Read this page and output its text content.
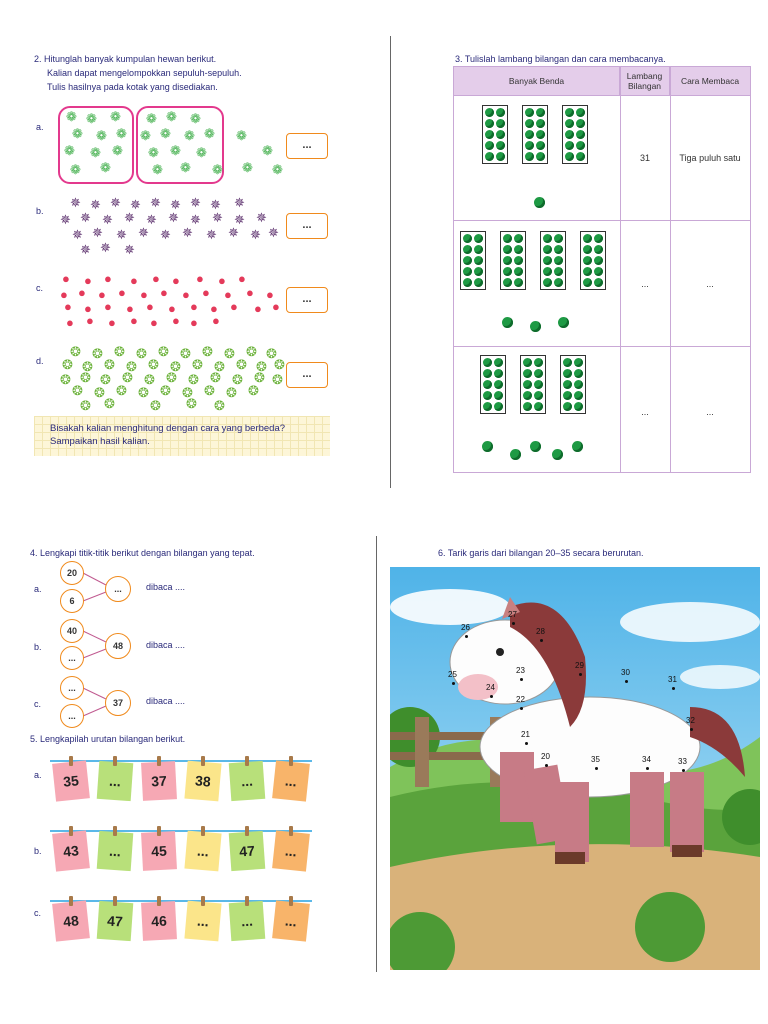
2. Hitunglah banyak kumpulan hewan berikut.
Kalian dapat mengelompokkan sepuluh-sepuluh.
Tulis hasilnya pada kotak yang disediakan.
a.
❁ ❁ ❁ ❁ ❁ ❁
❁ ❁ ❁ ❁ ❁ ❁ ❁ ❁
❁ ❁ ❁ ❁ ❁ ❁	❁
❁ ❁	❁ ❁ ❁ ❁ ❁
...
b.
✵ ✵ ✵ ✵ ✵ ✵ ✵ ✵ ✵
✵ ✵ ✵ ✵ ✵ ✵ ✵ ✵ ✵ ✵
✵ ✵ ✵ ✵ ✵ ✵ ✵ ✵ ✵ ✵
✵ ✵ ✵
...
c.
● ● ● ● ● ● ● ● ●
● ● ● ● ● ● ● ● ● ● ●
● ● ● ● ● ● ● ● ● ● ●
● ● ● ● ● ● ● ●
...
d.
❂ ❂ ❂ ❂ ❂ ❂ ❂ ❂ ❂ ❂
❂ ❂ ❂ ❂ ❂ ❂ ❂ ❂ ❂ ❂ ❂
❂ ❂ ❂ ❂ ❂ ❂ ❂ ❂ ❂ ❂ ❂
❂ ❂ ❂ ❂ ❂ ❂ ❂ ❂ ❂
❂ ❂	❂ ❂ ❂
...
Bisakah kalian menghitung dengan cara yang berbeda?
Sampaikan hasil kalian.
3. Tulislah lambang bilangan dan cara membacanya.
Banyak Benda	Lambang Bilangan	Cara Membaca
31	Tiga puluh satu
...	...
...	...
4. Lengkapi titik-titik berikut dengan bilangan yang tepat.
a.
20
6
...	dibaca ....
b.
40
...
48	dibaca ....
c.
...
...
37	dibaca ....
5. Lengkapilah urutan bilangan berikut.
a.
b.
c.
35	...	37	38	...	...
43	...	45	...	47	...
48	47	46	...	...	...
6. Tarik garis dari bilangan 20–35 secara berurutan.
20
21
22
23
24
25
26
27
28
29
30
31
32
33
34
35
